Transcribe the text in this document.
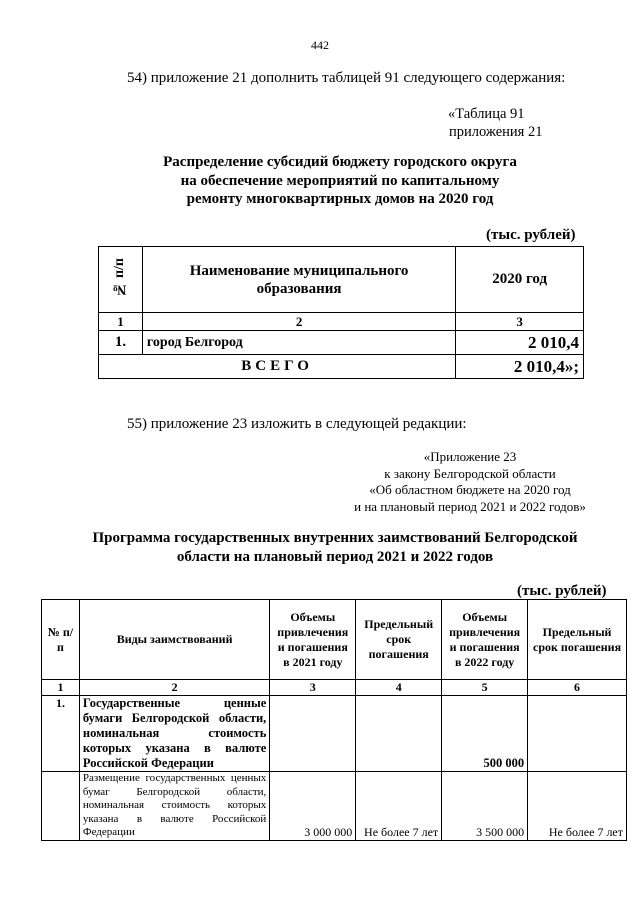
442
54) приложение 21 дополнить таблицей 91 следующего содержания:
«Таблица 91
приложения 21
Распределение субсидий бюджету городского округа
на обеспечение мероприятий по капитальному
ремонту многоквартирных домов на 2020 год
(тыс. рублей)
№ п/п	Наименование муниципального образования	2020 год
1	2	3
1.	город Белгород	2 010,4
ВСЕГО		2 010,4»;
55) приложение 23 изложить в следующей редакции:
«Приложение 23
к закону Белгородской области
«Об областном бюджете на 2020 год
и на плановый период 2021 и 2022 годов»
Программа государственных внутренних заимствований Белгородской
области на плановый период 2021 и 2022 годов
(тыс. рублей)
№ п/п	Виды заимствований	Объемы привлечения и погашения в 2021 году	Предельный срок погашения	Объемы привлечения и погашения в 2022 году	Предельный срок погашения
1	2	3	4	5	6
1.	Государственные ценные бумаги Белгородской области, номинальная стоимость которых указана в валюте Российской Федерации			500 000	
	Размещение государственных ценных бумаг Белгородской области, номинальная стоимость которых указана в валюте Российской Федерации	3 000 000	Не более 7 лет	3 500 000	Не более 7 лет
